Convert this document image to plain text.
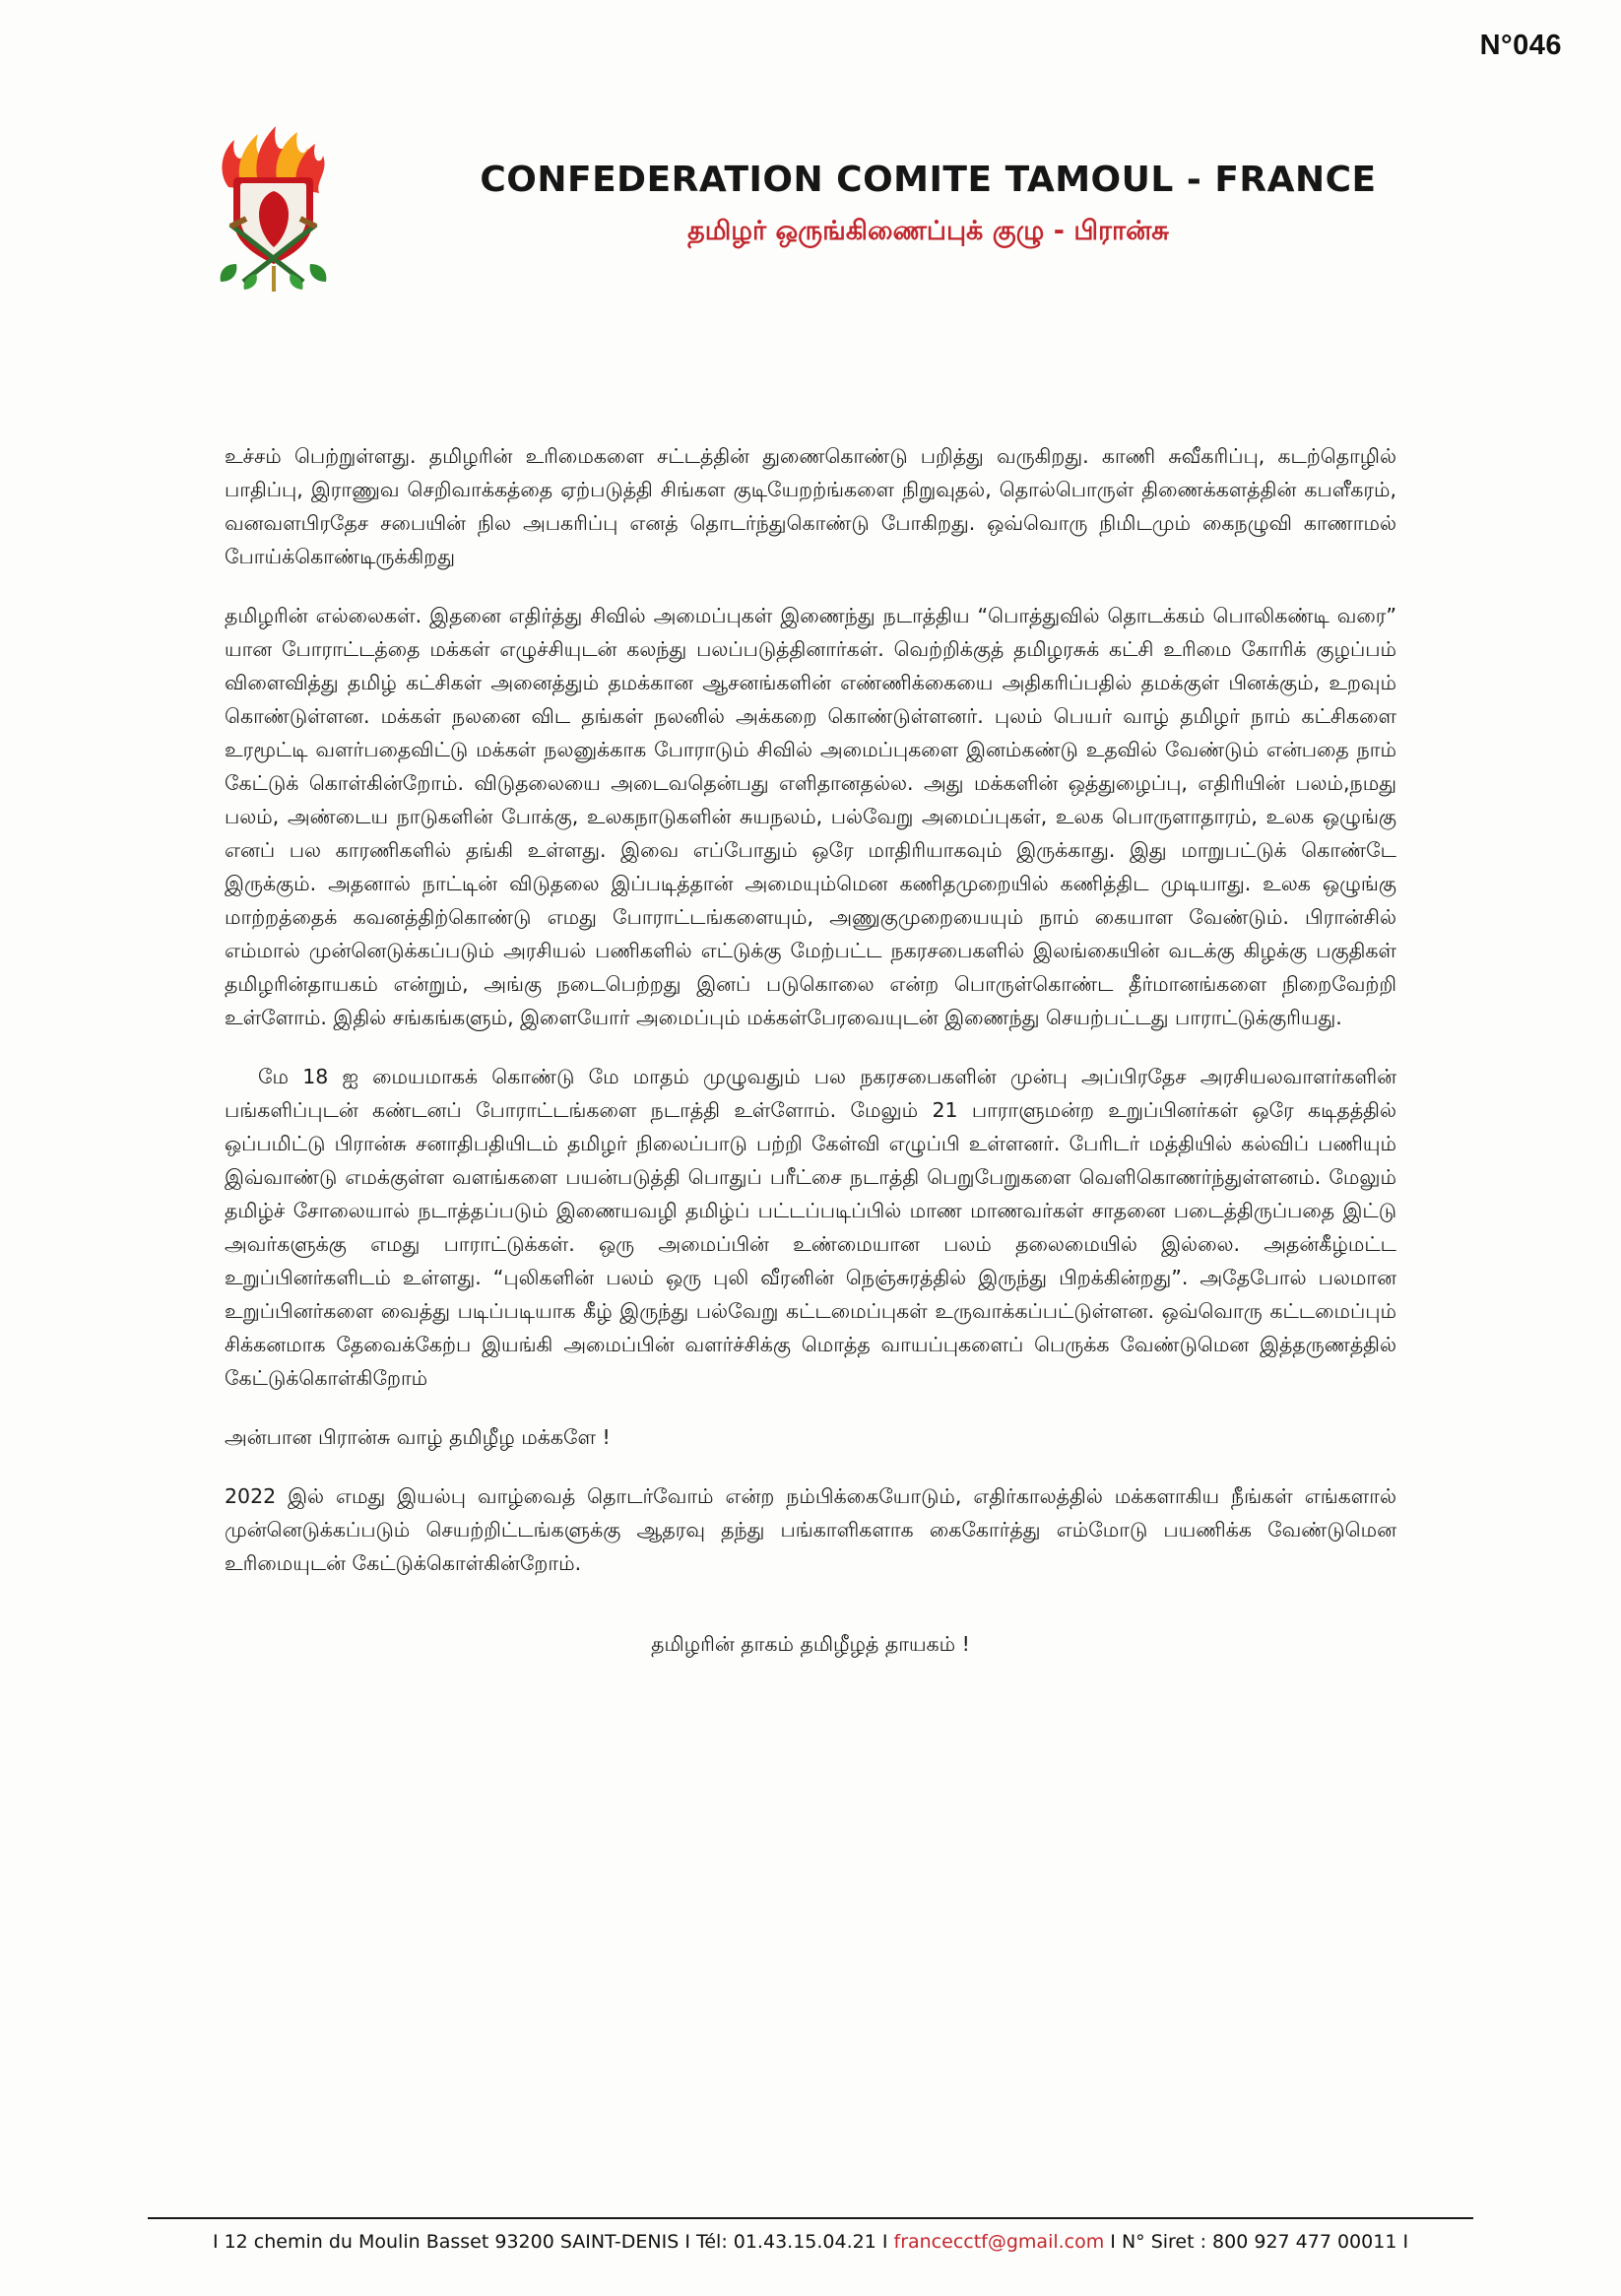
N°046
CONFEDERATION COMITE TAMOUL - FRANCE
தமிழர் ஒருங்கிணைப்புக் குழு - பிரான்சு

உச்சம் பெற்றுள்ளது. தமிழரின் உரிமைகளை சட்டத்தின் துணைகொண்டு பறித்து வருகிறது. காணி சுவீகரிப்பு, கடற்தொழில் பாதிப்பு, இராணுவ செறிவாக்கத்தை ஏற்படுத்தி சிங்கள குடியேறற்ங்களை நிறுவுதல், தொல்பொருள் திணைக்களத்தின் கபளீகரம், வனவளபிரதேச சபையின் நில அபகரிப்பு எனத் தொடர்ந்துகொண்டு போகிறது. ஒவ்வொரு நிமிடமும் கைநழுவி காணாமல் போய்க்கொண்டிருக்கிறது

தமிழரின் எல்லைகள். இதனை எதிர்த்து சிவில் அமைப்புகள் இணைந்து நடாத்திய “பொத்துவில் தொடக்கம் பொலிகண்டி வரை” யான போராட்டத்தை மக்கள் எழுச்சியுடன் கலந்து பலப்படுத்தினார்கள். வெற்றிக்குத் தமிழரசுக் கட்சி உரிமை கோரிக் குழப்பம் விளைவித்து தமிழ் கட்சிகள் அனைத்தும் தமக்கான ஆசனங்களின் எண்ணிக்கையை அதிகரிப்பதில் தமக்குள் பினக்கும், உறவும் கொண்டுள்ளன. மக்கள் நலனை விட தங்கள் நலனில் அக்கறை கொண்டுள்ளனர். புலம் பெயர் வாழ் தமிழர் நாம் கட்சிகளை உரமூட்டி வளர்பதைவிட்டு மக்கள் நலனுக்காக போராடும் சிவில் அமைப்புகளை இனம்கண்டு உதவில் வேண்டும் என்பதை நாம் கேட்டுக் கொள்கின்றோம். விடுதலையை அடைவதென்பது எளிதானதல்ல. அது மக்களின் ஒத்துழைப்பு, எதிரியின் பலம்,நமது பலம், அண்டைய நாடுகளின் போக்கு, உலகநாடுகளின் சுயநலம், பல்வேறு அமைப்புகள், உலக பொருளாதாரம், உலக ஒழுங்கு எனப் பல காரணிகளில் தங்கி உள்ளது. இவை எப்போதும் ஒரே மாதிரியாகவும் இருக்காது. இது மாறுபட்டுக் கொண்டே இருக்கும். அதனால் நாட்டின் விடுதலை இப்படித்தான் அமையும்மென கணிதமுறையில் கணித்திட முடியாது. உலக ஒழுங்கு மாற்றத்தைக் கவனத்திற்கொண்டு எமது போராட்டங்களையும், அணுகுமுறையையும் நாம் கையாள வேண்டும். பிரான்சில் எம்மால் முன்னெடுக்கப்படும் அரசியல் பணிகளில் எட்டுக்கு மேற்பட்ட நகரசபைகளில் இலங்கையின் வடக்கு கிழக்கு பகுதிகள் தமிழரின்தாயகம் என்றும், அங்கு நடைபெற்றது இனப் படுகொலை என்ற பொருள்கொண்ட தீர்மானங்களை நிறைவேற்றி உள்ளோம். இதில் சங்கங்களும், இளையோர் அமைப்பும் மக்கள்பேரவையுடன் இணைந்து செயற்பட்டது பாராட்டுக்குரியது.

மே 18 ஐ மையமாகக் கொண்டு மே மாதம் முழுவதும் பல நகரசபைகளின் முன்பு அப்பிரதேச அரசியலவாளர்களின் பங்களிப்புடன் கண்டனப் போராட்டங்களை நடாத்தி உள்ளோம். மேலும் 21 பாராளுமன்ற உறுப்பினர்கள் ஒரே கடிதத்தில் ஒப்பமிட்டு பிரான்சு சனாதிபதியிடம் தமிழர் நிலைப்பாடு பற்றி கேள்வி எழுப்பி உள்ளனர். பேரிடர் மத்தியில் கல்விப் பணியும் இவ்வாண்டு எமக்குள்ள வளங்களை பயன்படுத்தி பொதுப் பரீட்சை நடாத்தி பெறுபேறுகளை வெளிகொணர்ந்துள்ளனம். மேலும் தமிழ்ச் சோலையால் நடாத்தப்படும் இணையவழி தமிழ்ப் பட்டப்படிப்பில் மாண மாணவர்கள் சாதனை படைத்திருப்பதை இட்டு அவர்களுக்கு எமது பாராட்டுக்கள். ஒரு அமைப்பின் உண்மையான பலம் தலைமையில் இல்லை. அதன்கீழ்மட்ட உறுப்பினர்களிடம் உள்ளது. “புலிகளின் பலம் ஒரு புலி வீரனின் நெஞ்சுரத்தில் இருந்து பிறக்கின்றது”. அதேபோல் பலமான உறுப்பினர்களை வைத்து படிப்படியாக கீழ் இருந்து பல்வேறு கட்டமைப்புகள் உருவாக்கப்பட்டுள்ளன. ஒவ்வொரு கட்டமைப்பும் சிக்கனமாக தேவைக்கேற்ப இயங்கி அமைப்பின் வளர்ச்சிக்கு மொத்த வாயப்புகளைப் பெருக்க வேண்டுமென இத்தருணத்தில் கேட்டுக்கொள்கிறோம்

அன்பான பிரான்சு வாழ் தமிழீழ மக்களே !

2022 இல் எமது இயல்பு வாழ்வைத் தொடர்வோம் என்ற நம்பிக்கையோடும், எதிர்காலத்தில் மக்களாகிய நீங்கள் எங்களால் முன்னெடுக்கப்படும் செயற்றிட்டங்களுக்கு ஆதரவு தந்து பங்காளிகளாக கைகோர்த்து எம்மோடு பயணிக்க வேண்டுமென உரிமையுடன் கேட்டுக்கொள்கின்றோம்.

தமிழரின் தாகம் தமிழீழத் தாயகம் !

I 12 chemin du Moulin Basset 93200 SAINT-DENIS I Tél: 01.43.15.04.21 I francecctf@gmail.com I N° Siret : 800 927 477 00011 I
